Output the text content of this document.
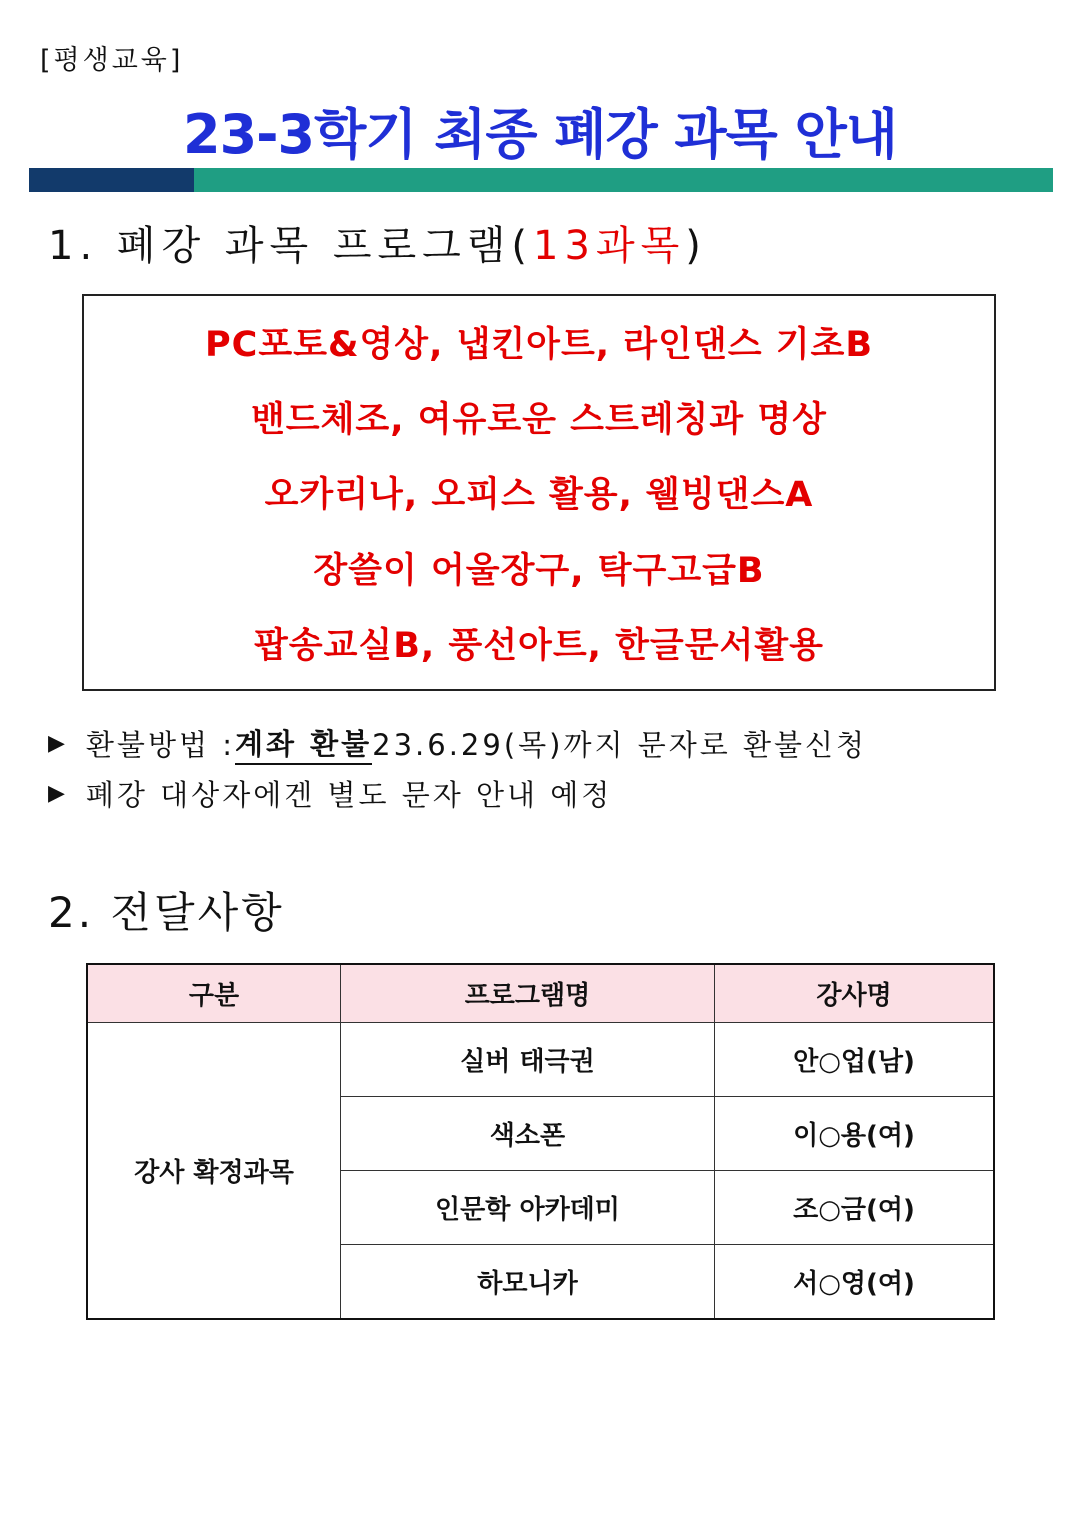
[평생교육]
23-3학기 최종 폐강 과목 안내
1. 폐강 과목 프로그램(13과목)
PC포토&영상, 냅킨아트, 라인댄스 기초B
밴드체조, 여유로운 스트레칭과 명상
오카리나, 오피스 활용, 웰빙댄스A
장쓸이 어울장구, 탁구고급B
팝송교실B, 풍선아트, 한글문서활용
▶ 환불방법 : 계좌 환불 23.6.29(목)까지 문자로 환불신청
▶ 폐강 대상자에겐 별도 문자 안내 예정
2. 전달사항
구분	프로그램명	강사명
강사 확정과목	실버 태극권	안○업(남)
	색소폰	이○용(여)
	인문학 아카데미	조○금(여)
	하모니카	서○영(여)
